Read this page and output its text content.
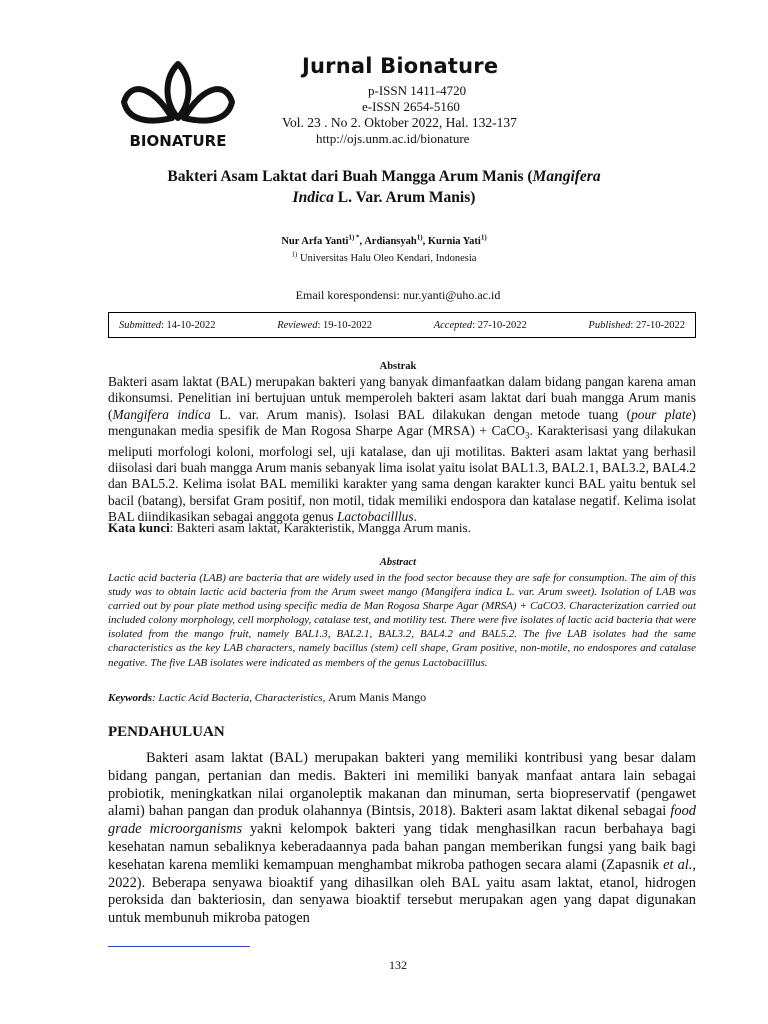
BIONATURE
Jurnal Bionature
p-ISSN 1411-4720
e-ISSN 2654-5160
Vol. 23 . No 2. Oktober 2022, Hal. 132-137
http://ojs.unm.ac.id/bionature
Bakteri Asam Laktat dari Buah Mangga Arum Manis (Mangifera
Indica L. Var. Arum Manis)
Nur Arfa Yanti$^{1) *}$, Ardiansyah$^{1)}$, Kurnia Yati$^{1)}$
$^{1)}$ Universitas Halu Oleo Kendari, Indonesia
Email korespondensi: nur.yanti@uho.ac.id
Submitted: 14-10-2022	Reviewed: 19-10-2022	Accepted: 27-10-2022	Published: 27-10-2022
Abstrak
Bakteri asam laktat (BAL) merupakan bakteri yang banyak dimanfaatkan dalam bidang pangan karena aman dikonsumsi. Penelitian ini bertujuan untuk memperoleh bakteri asam laktat dari buah mangga Arum manis (Mangifera indica L. var. Arum manis). Isolasi BAL dilakukan dengan metode tuang (pour plate) mengunakan media spesifik de Man Rogosa Sharpe Agar (MRSA) + CaCO$_3$. Karakterisasi yang dilakukan meliputi morfologi koloni, morfologi sel, uji katalase, dan uji motilitas. Bakteri asam laktat yang berhasil diisolasi dari buah mangga Arum manis sebanyak lima isolat yaitu isolat BAL1.3, BAL2.1, BAL3.2, BAL4.2 dan BAL5.2. Kelima isolat BAL memiliki karakter yang sama dengan karakter kunci BAL yaitu bentuk sel bacil (batang), bersifat Gram positif, non motil, tidak memiliki endospora dan katalase negatif. Kelima isolat BAL diindikasikan sebagai anggota genus Lactobacilllus.
Kata kunci: Bakteri asam laktat, Karakteristik, Mangga Arum manis.
Abstract
Lactic acid bacteria (LAB) are bacteria that are widely used in the food sector because they are safe for consumption. The aim of this study was to obtain lactic acid bacteria from the Arum sweet mango (Mangifera indica L. var. Arum sweet). Isolation of LAB was carried out by pour plate method using specific media de Man Rogosa Sharpe Agar (MRSA) + CaCO3. Characterization carried out included colony morphology, cell morphology, catalase test, and motility test. There were five isolates of lactic acid bacteria that were isolated from the mango fruit, namely BAL1.3, BAL2.1, BAL3.2, BAL4.2 and BAL5.2. The five LAB isolates had the same characteristics as the key LAB characters, namely bacillus (stem) cell shape, Gram positive, non-motile, no endospores and catalase negative. The five LAB isolates were indicated as members of the genus Lactobacilllus.
Keywords: Lactic Acid Bacteria, Characteristics, Arum Manis Mango
PENDAHULUAN
Bakteri asam laktat (BAL) merupakan bakteri yang memiliki kontribusi yang besar dalam bidang pangan, pertanian dan medis. Bakteri ini memiliki banyak manfaat antara lain sebagai probiotik, meningkatkan nilai organoleptik makanan dan minuman, serta biopreservatif (pengawet alami) bahan pangan dan produk olahannya (Bintsis, 2018). Bakteri asam laktat dikenal sebagai food grade microorganisms yakni kelompok bakteri yang tidak menghasilkan racun berbahaya bagi kesehatan namun sebaliknya keberadaannya pada bahan pangan memberikan fungsi yang baik bagi kesehatan karena memliki kemampuan menghambat mikroba pathogen secara alami (Zapasnik et al., 2022). Beberapa senyawa bioaktif yang dihasilkan oleh BAL yaitu asam laktat, etanol, hidrogen peroksida dan bakteriosin, dan senyawa bioaktif tersebut merupakan agen yang dapat digunakan untuk membunuh mikroba patogen
132
